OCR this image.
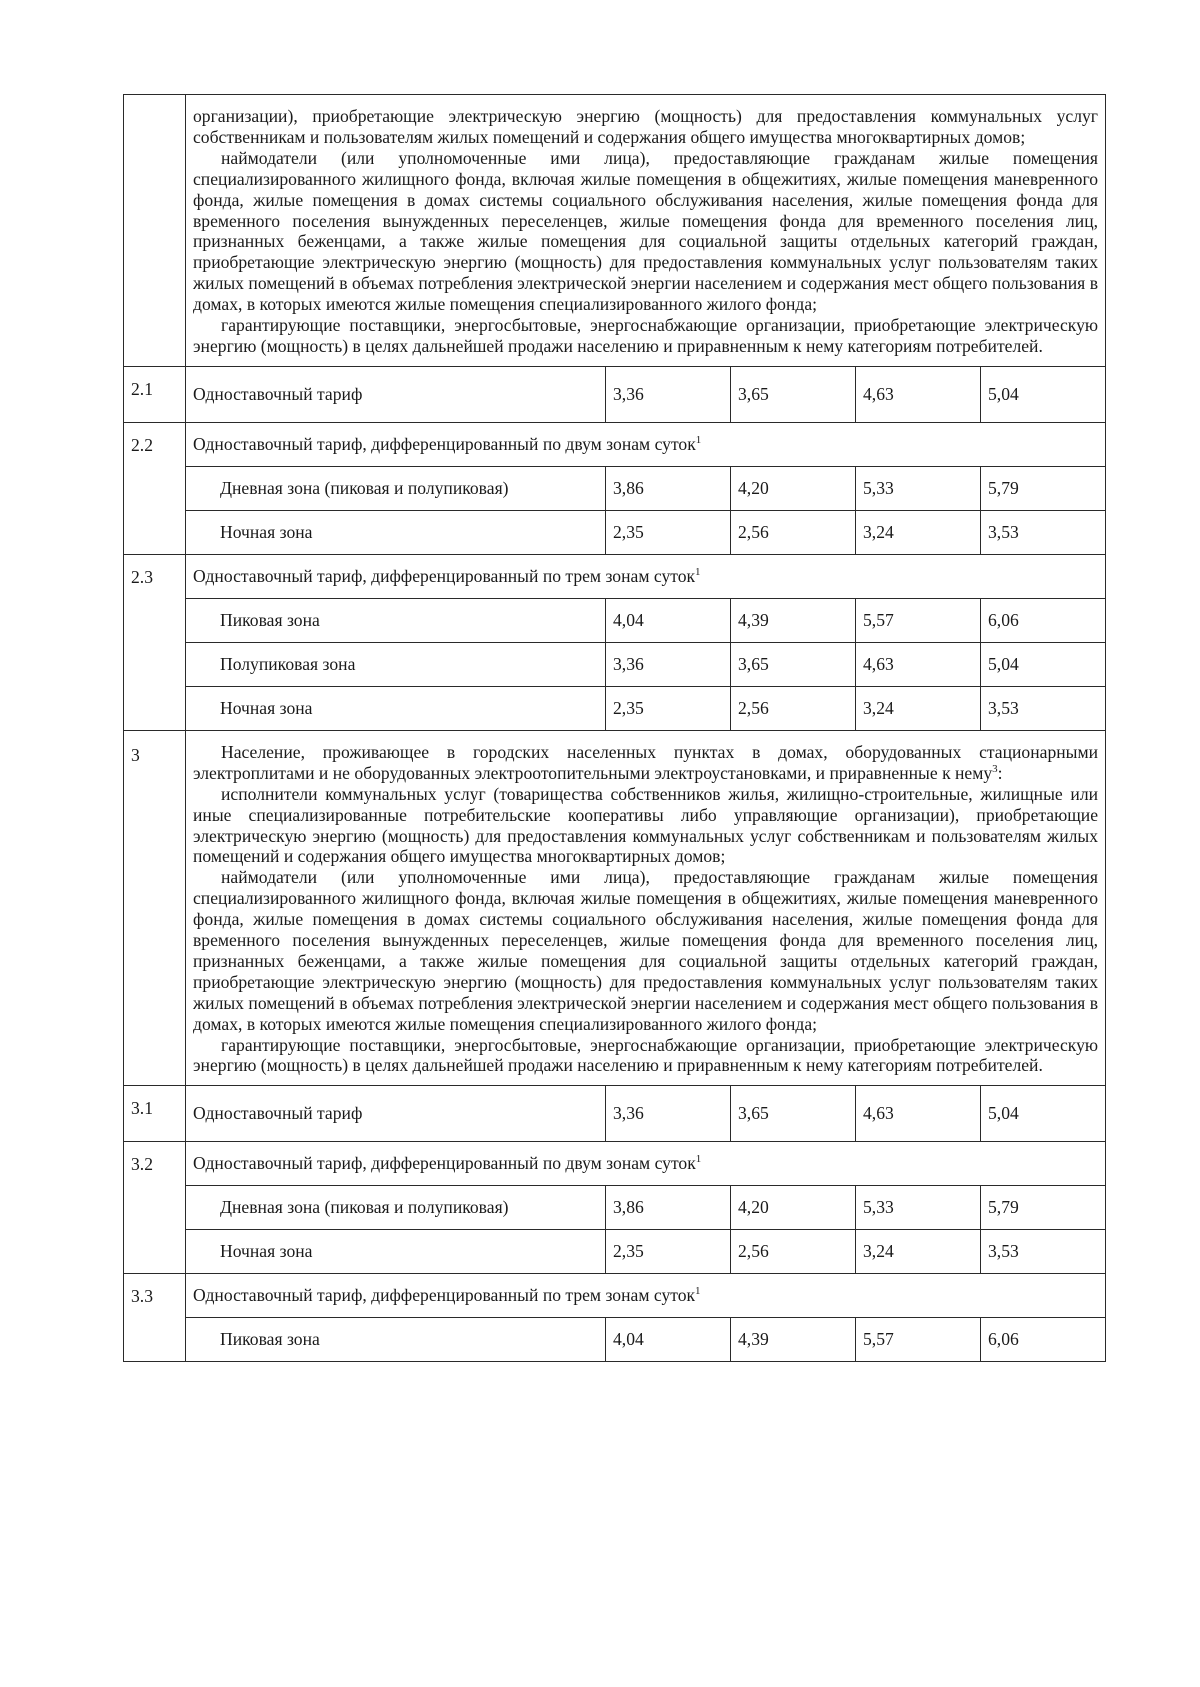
	организации), приобретающие электрическую энергию (мощность) для предоставления коммунальных услуг собственникам и пользователям жилых помещений и содержания общего имущества многоквартирных домов;

наймодатели (или уполномоченные ими лица), предоставляющие гражданам жилые помещения специализированного жилищного фонда, включая жилые помещения в общежитиях, жилые помещения маневренного фонда, жилые помещения в домах системы социального обслуживания населения, жилые помещения фонда для временного поселения вынужденных переселенцев, жилые помещения фонда для временного поселения лиц, признанных беженцами, а также жилые помещения для социальной защиты отдельных категорий граждан, приобретающие электрическую энергию (мощность) для предоставления коммунальных услуг пользователям таких жилых помещений в объемах потребления электрической энергии населением и содержания мест общего пользования в домах, в которых имеются жилые помещения специализированного жилого фонда;

гарантирующие поставщики, энергосбытовые, энергоснабжающие организации, приобретающие электрическую энергию (мощность) в целях дальнейшей продажи населению и приравненным к нему категориям потребителей.				

2.1	Одноставочный тариф	3,36	3,65	4,63	5,04
2.2	Одноставочный тариф, дифференцированный по двум зонам суток$^1$
	Дневная зона (пиковая и полупиковая)	3,86	4,20	5,33	5,79
	Ночная зона	2,35	2,56	3,24	3,53
2.3	Одноставочный тариф, дифференцированный по трем зонам суток$^1$
	Пиковая зона	4,04	4,39	5,57	6,06
	Полупиковая зона	3,36	3,65	4,63	5,04
	Ночная зона	2,35	2,56	3,24	3,53
3	Население, проживающее в городских населенных пунктах в домах, оборудованных стационарными электроплитами и не оборудованных электроотопительными электроустановками, и приравненные к нему$^3$:

исполнители коммунальных услуг (товарищества собственников жилья, жилищно-строительные, жилищные или иные специализированные потребительские кооперативы либо управляющие организации), приобретающие электрическую энергию (мощность) для предоставления коммунальных услуг собственникам и пользователям жилых помещений и содержания общего имущества многоквартирных домов;

наймодатели (или уполномоченные ими лица), предоставляющие гражданам жилые помещения специализированного жилищного фонда, включая жилые помещения в общежитиях, жилые помещения маневренного фонда, жилые помещения в домах системы социального обслуживания населения, жилые помещения фонда для временного поселения вынужденных переселенцев, жилые помещения фонда для временного поселения лиц, признанных беженцами, а также жилые помещения для социальной защиты отдельных категорий граждан, приобретающие электрическую энергию (мощность) для предоставления коммунальных услуг пользователям таких жилых помещений в объемах потребления электрической энергии населением и содержания мест общего пользования в домах, в которых имеются жилые помещения специализированного жилого фонда;

гарантирующие поставщики, энергосбытовые, энергоснабжающие организации, приобретающие электрическую энергию (мощность) в целях дальнейшей продажи населению и приравненным к нему категориям потребителей.				

3.1	Одноставочный тариф	3,36	3,65	4,63	5,04
3.2	Одноставочный тариф, дифференцированный по двум зонам суток$^1$
	Дневная зона (пиковая и полупиковая)	3,86	4,20	5,33	5,79
	Ночная зона	2,35	2,56	3,24	3,53
3.3	Одноставочный тариф, дифференцированный по трем зонам суток$^1$
	Пиковая зона	4,04	4,39	5,57	6,06
